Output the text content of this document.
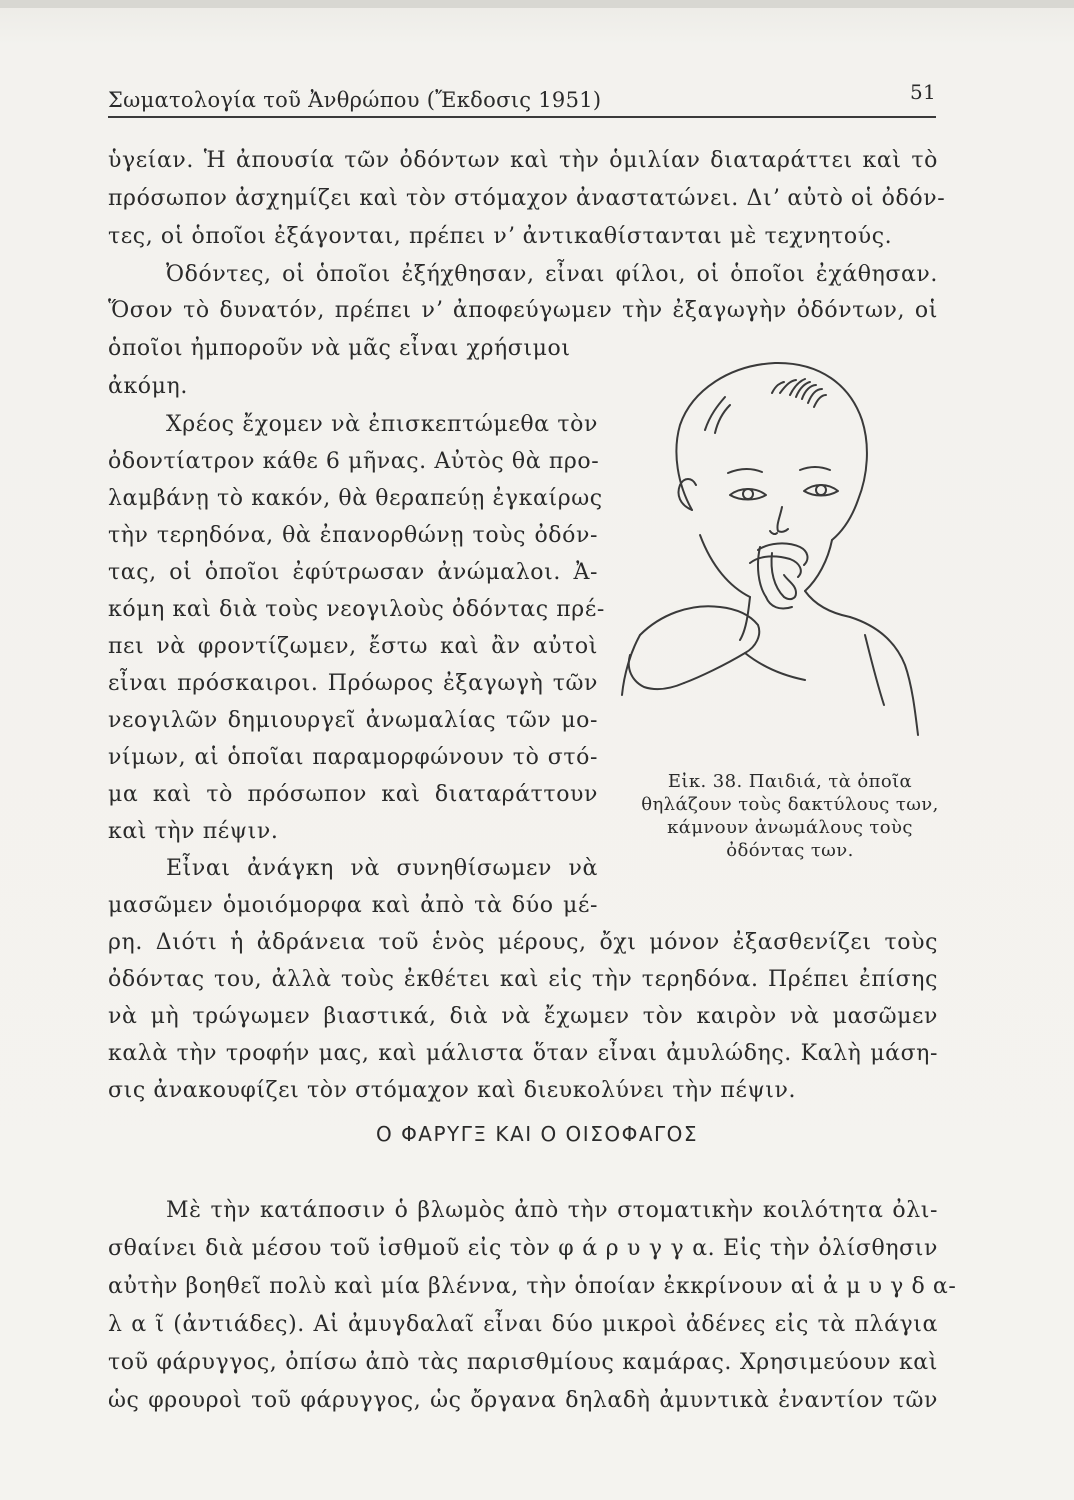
Σωματολογία τοῦ Ἀνθρώπου (Ἔκδοσις 1951)	51
ὑγείαν. Ἡ ἀπουσία τῶν ὀδόντων καὶ τὴν ὁμιλίαν διαταράττει καὶ τὸ
πρόσωπον ἀσχημίζει καὶ τὸν στόμαχον ἀναστατώνει. Διʼ αὐτὸ οἱ ὀδόν-
τες, οἱ ὁποῖοι ἐξάγονται, πρέπει νʼ ἀντικαθίστανται μὲ τεχνητούς.
Ὀδόντες, οἱ ὁποῖοι ἐξήχθησαν, εἶναι φίλοι, οἱ ὁποῖοι ἐχάθησαν.
Ὅσον τὸ δυνατόν, πρέπει νʼ ἀποφεύγωμεν τὴν ἐξαγωγὴν ὀδόντων, οἱ
ὁποῖοι ἠμποροῦν νὰ μᾶς εἶναι χρήσιμοι
ἀκόμη.
Χρέος ἔχομεν νὰ ἐπισκεπτώμεθα τὸν
ὀδοντίατρον κάθε 6 μῆνας. Αὐτὸς θὰ προ-
λαμβάνῃ τὸ κακόν, θὰ θεραπεύῃ ἐγκαίρως
τὴν τερηδόνα, θὰ ἐπανορθώνῃ τοὺς ὀδόν-
τας, οἱ ὁποῖοι ἐφύτρωσαν ἀνώμαλοι. Ἀ-
κόμη καὶ διὰ τοὺς νεογιλοὺς ὀδόντας πρέ-
πει νὰ φροντίζωμεν, ἔστω καὶ ἂν αὐτοὶ
εἶναι πρόσκαιροι. Πρόωρος ἐξαγωγὴ τῶν
νεογιλῶν δημιουργεῖ ἀνωμαλίας τῶν μο-
νίμων, αἱ ὁποῖαι παραμορφώνουν τὸ στό-
μα καὶ τὸ πρόσωπον καὶ διαταράττουν
καὶ τὴν πέψιν.
Εἶναι ἀνάγκη νὰ συνηθίσωμεν νὰ
μασῶμεν ὁμοιόμορφα καὶ ἀπὸ τὰ δύο μέ-
ρη. Διότι ἡ ἀδράνεια τοῦ ἑνὸς μέρους, ὄχι μόνον ἐξασθενίζει τοὺς
ὀδόντας του, ἀλλὰ τοὺς ἐκθέτει καὶ εἰς τὴν τερηδόνα. Πρέπει ἐπίσης
νὰ μὴ τρώγωμεν βιαστικά, διὰ νὰ ἔχωμεν τὸν καιρὸν νὰ μασῶμεν
καλὰ τὴν τροφήν μας, καὶ μάλιστα ὅταν εἶναι ἀμυλώδης. Καλὴ μάση-
σις ἀνακουφίζει τὸν στόμαχον καὶ διευκολύνει τὴν πέψιν.
Εἰκ. 38. Παιδιά, τὰ ὁποῖα
θηλάζουν τοὺς δακτύλους των,
κάμνουν ἀνωμάλους τοὺς
ὀδόντας των.
Ο ΦΑΡΥΓΞ ΚΑΙ Ο ΟΙΣΟΦΑΓΟΣ
Μὲ τὴν κατάποσιν ὁ βλωμὸς ἀπὸ τὴν στοματικὴν κοιλότητα ὀλι-
σθαίνει διὰ μέσου τοῦ ἰσθμοῦ εἰς τὸν φ ά ρ υ γ γ α. Εἰς τὴν ὀλίσθησιν
αὐτὴν βοηθεῖ πολὺ καὶ μία βλέννα, τὴν ὁποίαν ἐκκρίνουν αἱ ἀ μ υ γ δ α-
λ α ῖ (ἀντιάδες). Αἱ ἀμυγδαλαῖ εἶναι δύο μικροὶ ἀδένες εἰς τὰ πλάγια
τοῦ φάρυγγος, ὀπίσω ἀπὸ τὰς παρισθμίους καμάρας. Χρησιμεύουν καὶ
ὡς φρουροὶ τοῦ φάρυγγος, ὡς ὄργανα δηλαδὴ ἀμυντικὰ ἐναντίον τῶν
